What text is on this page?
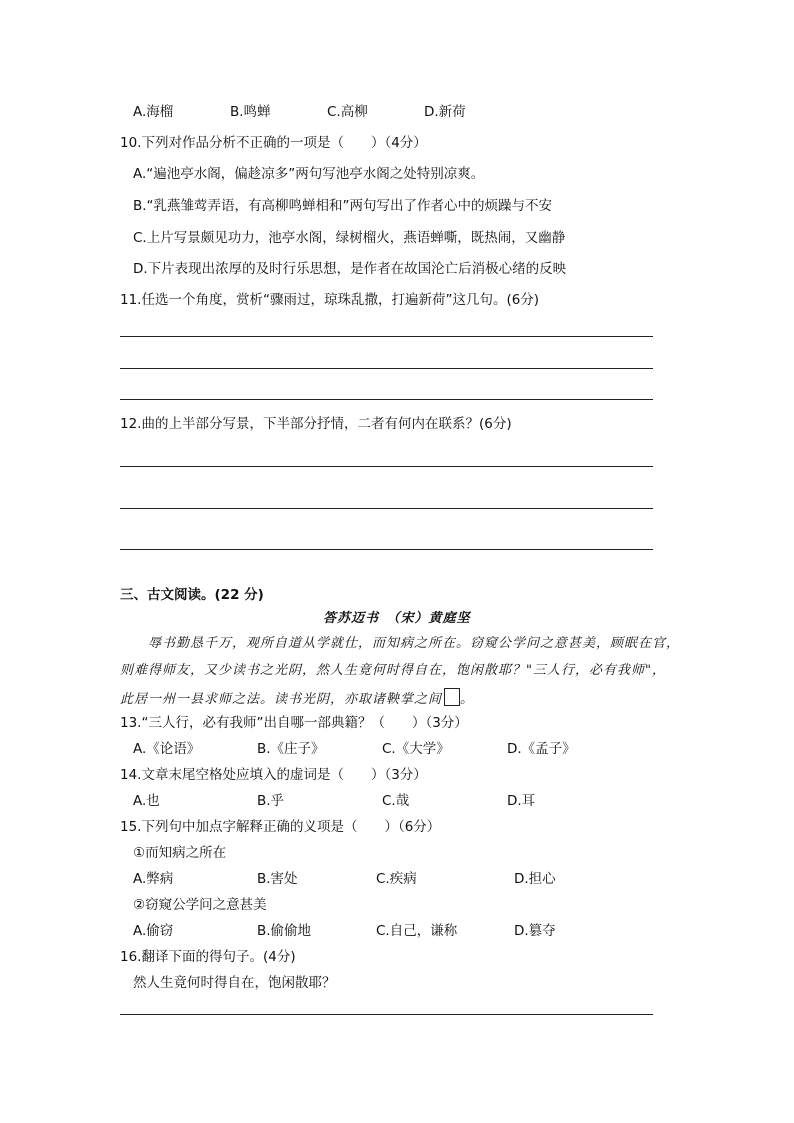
A.海榴	B.鸣蝉	C.高柳	D.新荷
10.下列对作品分析不正确的一项是（　　）（4分）
A.“遍池亭水阁，偏趁凉多”两句写池亭水阁之处特别凉爽。
B.“乳燕雏莺弄语，有高柳鸣蝉相和”两句写出了作者心中的烦躁与不安
C.上片写景颇见功力，池亭水阁，绿树榴火，燕语蝉嘶，既热闹，又幽静
D.下片表现出浓厚的及时行乐思想，是作者在故国沦亡后消极心绪的反映
11.任选一个角度，赏析“骤雨过，琼珠乱撒，打遍新荷”这几句。(6分)
12.曲的上半部分写景，下半部分抒情，二者有何内在联系？(6分)
三、古文阅读。(22 分)
答苏迈书　（宋）黄庭坚
辱书勤恳千万，观所自道从学就仕，而知病之所在。窃窥公学问之意甚美，顾眠在官，
则难得师友，又少读书之光阴，然人生竟何时得自在，饱闲散耶？"三人行，必有我师"，
此居一州一县求师之法。读书光阴，亦取诸鞅掌之间 。
13.“三人行，必有我师”出自哪一部典籍？（　　）（3分）
A.《论语》	B.《庄子》	C.《大学》	D.《孟子》
14.文章末尾空格处应填入的虚词是（　　）（3分）
A.也	B.乎	C.哉	D.耳
15.下列句中加点字解释正确的义项是（　　）（6分）
①而知病之所在
A.弊病	B.害处	C.疾病	D.担心
②窃窥公学问之意甚美
A.偷窃	B.偷偷地	C.自己，谦称	D.篡夺
16.翻译下面的得句子。(4分)
然人生竟何时得自在，饱闲散耶？
